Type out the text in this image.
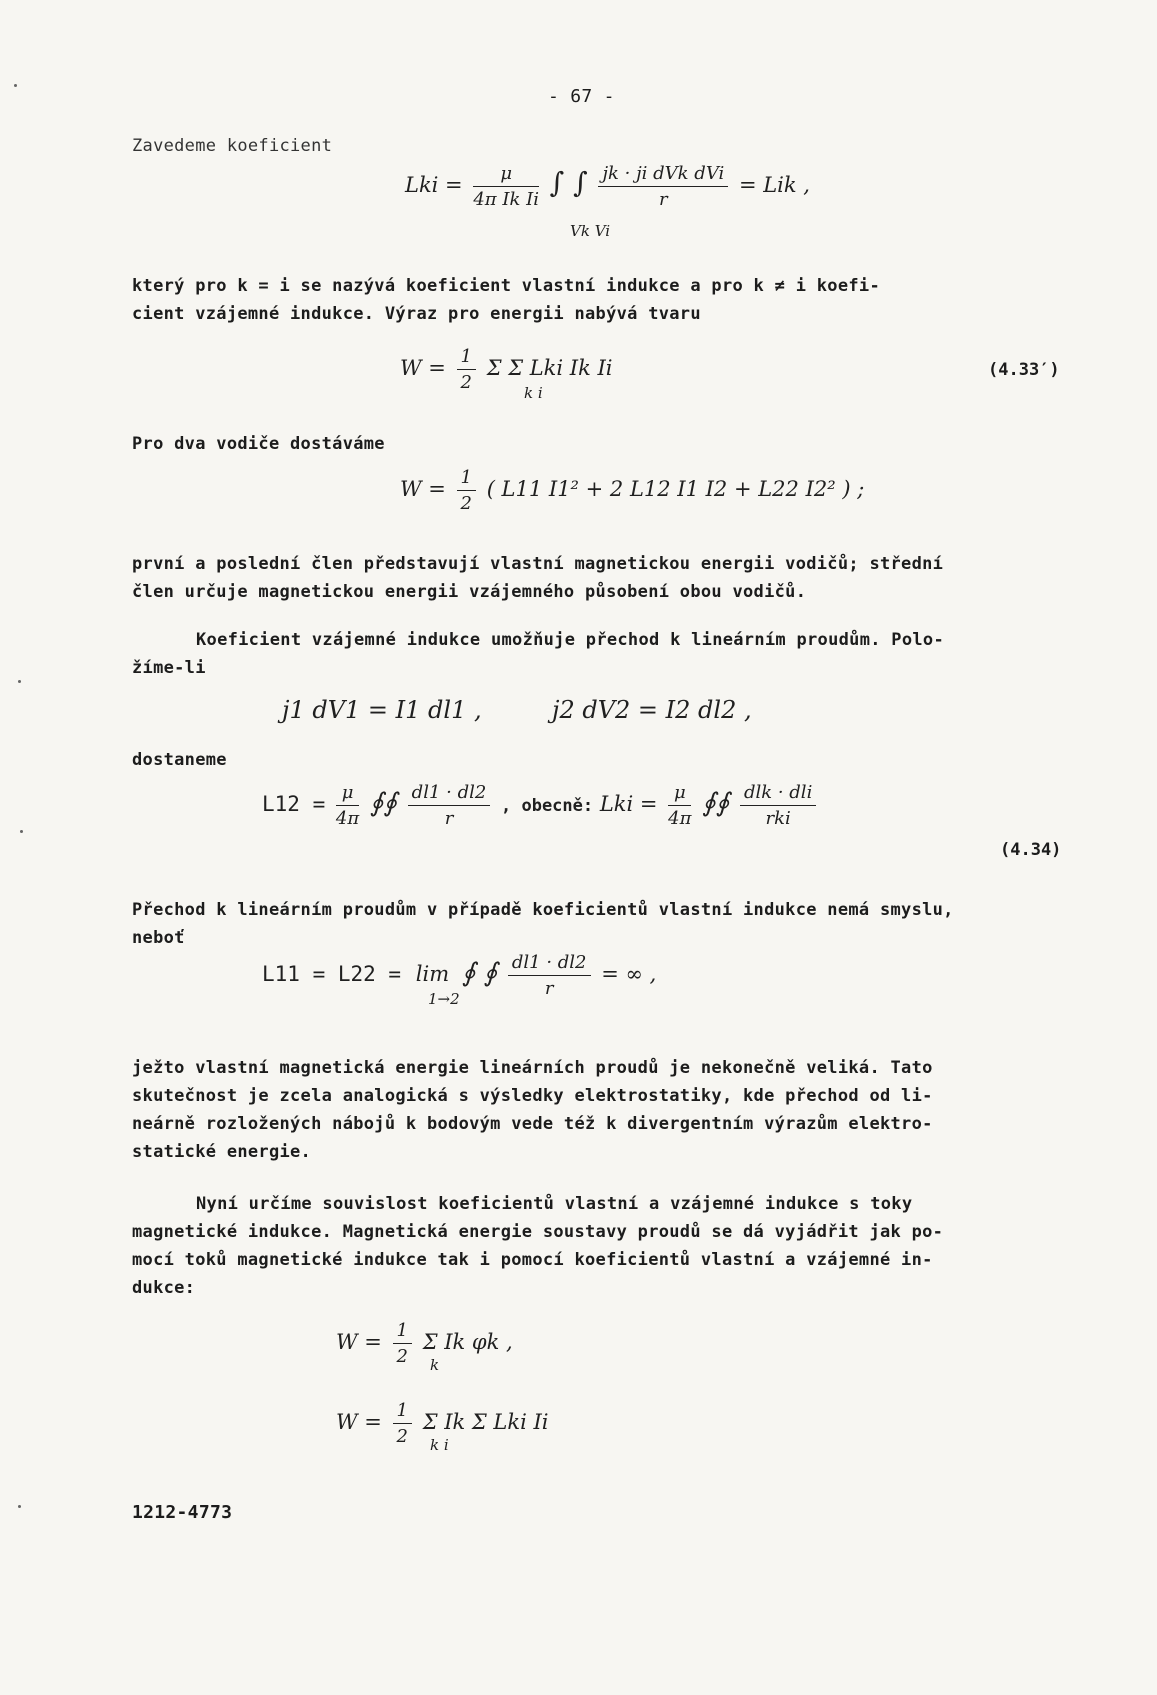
- 67 -
Zavedeme koeficient
Lki = $\frac{\mu}{\text{4π Ik Ii}}$ ∫ ∫ $\frac{\text{jk · ji dVk dVi}}{r}$ = Lik ,
Vk Vi
který pro k = i se nazývá koeficient vlastní indukce a pro k ≠ i koefi-
cient vzájemné indukce. Výraz pro energii nabývá tvaru
$W = \frac{1}{2}$ Σ Σ Lki Ik Ii
k i
(4.33′)
Pro dva vodiče dostáváme
$W = \frac{1}{2}$ ( L11 I1² + 2 L12 I1 I2 + L22 I2² ) ;
první a poslední člen představují vlastní magnetickou energii vodičů; střední
člen určuje magnetickou energii vzájemného působení obou vodičů.
Koeficient vzájemné indukce umožňuje přechod k lineárním proudům. Polo-
žíme-li
j1 dV1 = I1 dl1 ,	j2 dV2 = I2 dl2 ,
dostaneme
$L12 = \frac{\mu}{4\pi}$ ∮∮ $\frac{dl1 \cdot dl2}{r}$ , obecně: Lki = $\frac{\mu}{4\pi}$ ∮∮ $\frac{\text{dlk · dli}}{\text{rki}}$
(4.34)
Přechod k lineárním proudům v případě koeficientů vlastní indukce nemá smyslu,
neboť
L11 = L22 = lim ∮ ∮ $\frac{dl1 \cdot dl2}{r}$ = ∞ ,
1→2
ježto vlastní magnetická energie lineárních proudů je nekonečně veliká. Tato
skutečnost je zcela analogická s výsledky elektrostatiky, kde přechod od li-
neárně rozložených nábojů k bodovým vede též k divergentním výrazům elektro-
statické energie.
Nyní určíme souvislost koeficientů vlastní a vzájemné indukce s toky
magnetické indukce. Magnetická energie soustavy proudů se dá vyjádřit jak po-
mocí toků magnetické indukce tak i pomocí koeficientů vlastní a vzájemné in-
dukce:
$W = \frac{1}{2}$ Σ Ik φk ,
k
$W = \frac{1}{2}$ Σ Ik Σ Lki Ii
k i
1212-4773
